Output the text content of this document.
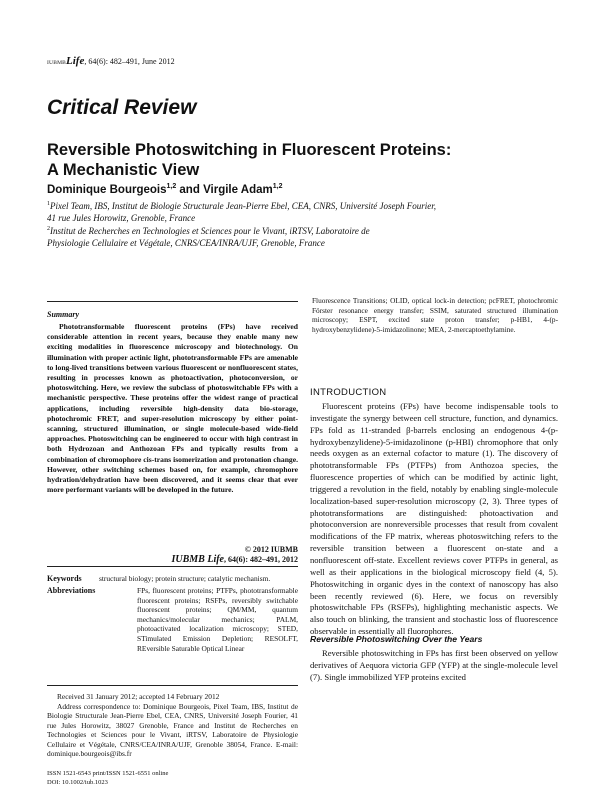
IUBMBLife, 64(6): 482–491, June 2012
Critical Review
Reversible Photoswitching in Fluorescent Proteins:
A Mechanistic View
Dominique Bourgeois$^{1,2}$ and Virgile Adam$^{1,2}$
$^1$Pixel Team, IBS, Institut de Biologie Structurale Jean-Pierre Ebel, CEA, CNRS, Université Joseph Fourier,
41 rue Jules Horowitz, Grenoble, France
$^2$Institut de Recherches en Technologies et Sciences pour le Vivant, iRTSV, Laboratoire de
Physiologie Cellulaire et Végétale, CNRS/CEA/INRA/UJF, Grenoble, France
Summary
Phototransformable fluorescent proteins (FPs) have received considerable attention in recent years, because they enable many new exciting modalities in fluorescence microscopy and biotechnology. On illumination with proper actinic light, phototransformable FPs are amenable to long-lived transitions between various fluorescent or nonfluorescent states, resulting in processes known as photoactivation, photoconversion, or photoswitching. Here, we review the subclass of photoswitchable FPs with a mechanistic perspective. These proteins offer the widest range of practical applications, including reversible high-density data bio-storage, photochromic FRET, and super-resolution microscopy by either point-scanning, structured illumination, or single molecule-based wide-field approaches. Photoswitching can be engineered to occur with high contrast in both Hydrozoan and Anthozoan FPs and typically results from a combination of chromophore cis-trans isomerization and protonation change. However, other switching schemes based on, for example, chromophore hydration/dehydration have been discovered, and it seems clear that ever more performant variants will be developed in the future.
© 2012 IUBMB
IUBMB Life, 64(6): 482–491, 2012
Keywords structural biology; protein structure; catalytic mechanism.
Abbreviations	FPs, fluorescent proteins; PTFPs, phototransformable fluorescent proteins; RSFPs, reversibly switchable fluorescent proteins; QM/MM, quantum mechanics/molecular mechanics; PALM, photoactivated localization microscopy; STED, STimulated Emission Depletion; RESOLFT, REversible Saturable Optical Linear

Received 31 January 2012; accepted 14 February 2012

Address correspondence to: Dominique Bourgeois, Pixel Team, IBS, Institut de Biologie Structurale Jean-Pierre Ebel, CEA, CNRS, Université Joseph Fourier, 41 rue Jules Horowitz, 38027 Grenoble, France and Institut de Recherches en Technologies et Sciences pour le Vivant, iRTSV, Laboratoire de Physiologie Cellulaire et Végétale, CNRS/CEA/INRA/UJF, Grenoble 38054, France. E-mail: dominique.bourgeois@ibs.fr

ISSN 1521-6543 print/ISSN 1521-6551 online
DOI: 10.1002/iub.1023
Fluorescence Transitions; OLID, optical lock-in detection; pcFRET, photochromic Förster resonance energy transfer; SSIM, saturated structured illumination microscopy; ESPT, excited state proton transfer; p-HB1, 4-(p-hydroxybenzylidene)-5-imidazolinone; MEA, 2-mercaptoethylamine.
INTRODUCTION

Fluorescent proteins (FPs) have become indispensable tools to investigate the synergy between cell structure, function, and dynamics. FPs fold as 11-stranded β-barrels enclosing an endogenous 4-(p-hydroxybenzylidene)-5-imidazolinone (p-HBI) chromophore that only needs oxygen as an external cofactor to mature (1). The discovery of phototransformable FPs (PTFPs) from Anthozoa species, the fluorescence properties of which can be modified by actinic light, triggered a revolution in the field, notably by enabling single-molecule localization-based super-resolution microscopy (2, 3). Three types of phototransformations are distinguished: photoactivation and photoconversion are nonreversible processes that result from covalent modifications of the FP matrix, whereas photoswitching refers to the reversible transition between a fluorescent on-state and a nonfluorescent off-state. Excellent reviews cover PTFPs in general, as well as their applications in the biological microscopy field (4, 5). Photoswitching in organic dyes in the context of nanoscopy has also been recently reviewed (6). Here, we focus on reversibly photoswitchable FPs (RSFPs), highlighting mechanistic aspects. We also touch on blinking, the transient and stochastic loss of fluorescence observable in essentially all fluorophores.

Reversible Photoswitching Over the Years

Reversible photoswitching in FPs has first been observed on yellow derivatives of Aequora victoria GFP (YFP) at the single-molecule level (7). Single immobilized YFP proteins excited
